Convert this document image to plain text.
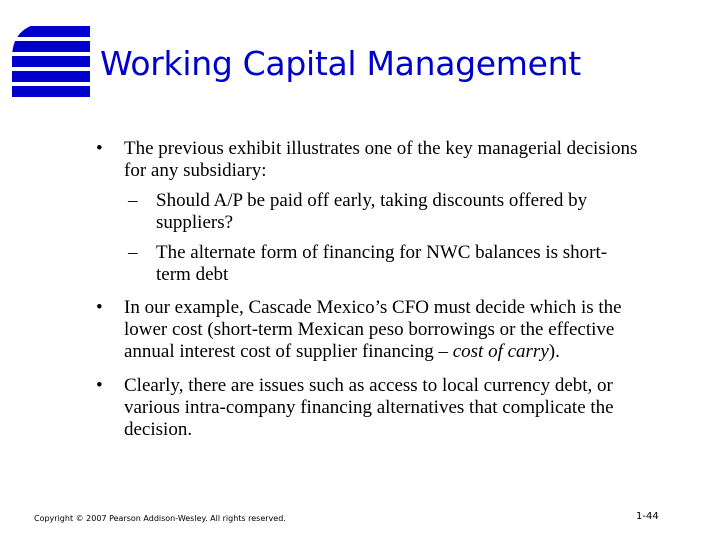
Working Capital Management
• The previous exhibit illustrates one of the key managerial decisions for any subsidiary:
– Should A/P be paid off early, taking discounts offered by suppliers?
– The alternate form of financing for NWC balances is short-term debt
• In our example, Cascade Mexico’s CFO must decide which is the lower cost (short-term Mexican peso borrowings or the effective annual interest cost of supplier financing – cost of carry).
• Clearly, there are issues such as access to local currency debt, or various intra-company financing alternatives that complicate the decision.
Copyright © 2007 Pearson Addison-Wesley. All rights reserved.	1-44
